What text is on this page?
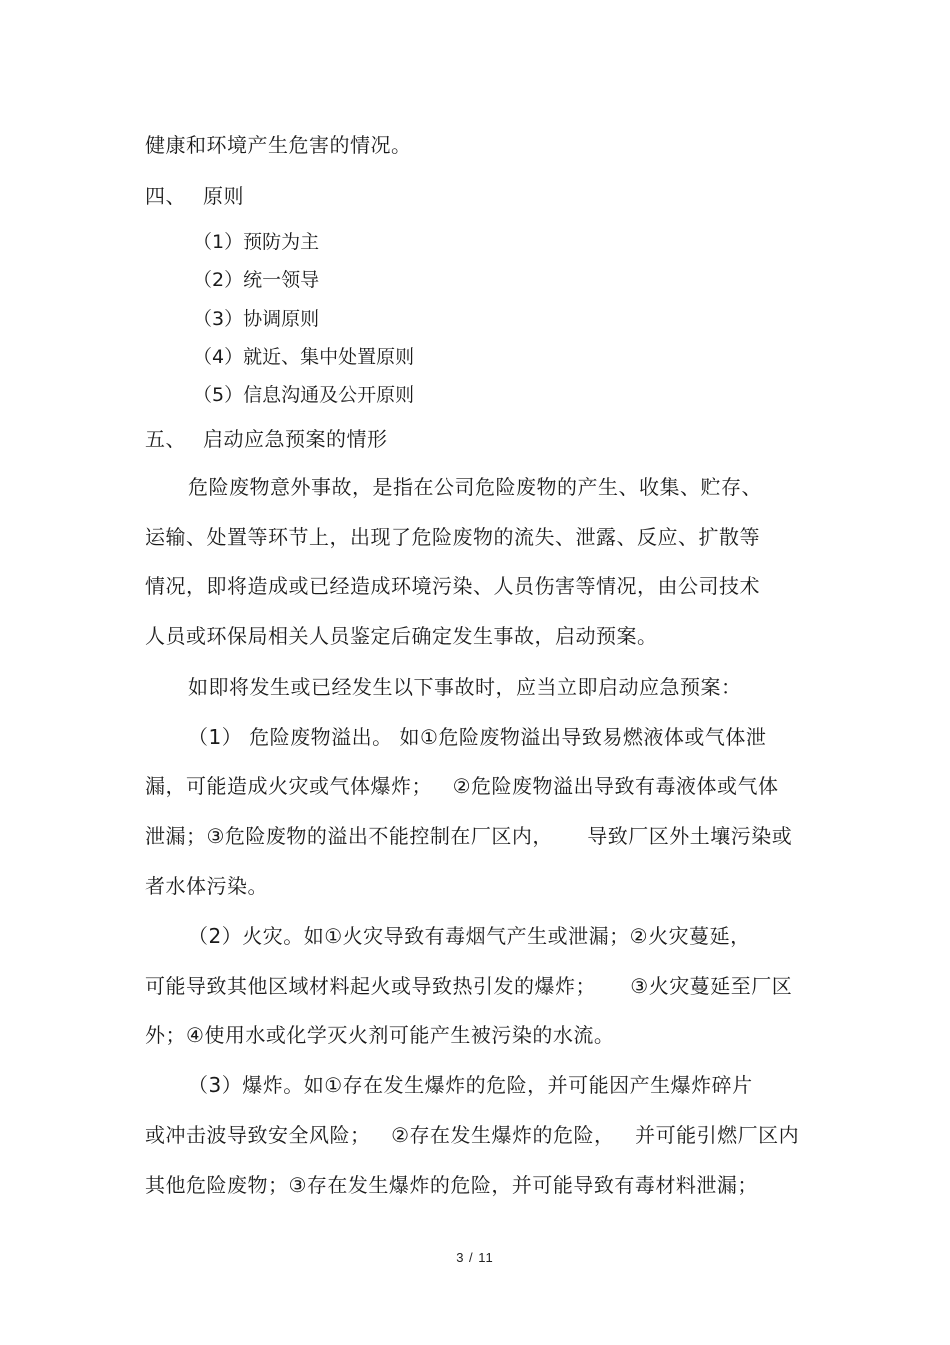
健康和环境产生危害的情况。
四、 原则
（1）预防为主
（2）统一领导
（3）协调原则
（4）就近、集中处置原则
（5）信息沟通及公开原则
五、 启动应急预案的情形
危险废物意外事故，是指在公司危险废物的产生、收集、贮存、
运输、处置等环节上，出现了危险废物的流失、泄露、反应、扩散等
情况，即将造成或已经造成环境污染、人员伤害等情况，由公司技术
人员或环保局相关人员鉴定后确定发生事故，启动预案。
如即将发生或已经发生以下事故时，应当立即启动应急预案：
（1） 危险废物溢出。 如①危险废物溢出导致易燃液体或气体泄
漏，可能造成火灾或气体爆炸；   ②危险废物溢出导致有毒液体或气体
泄漏；③危险废物的溢出不能控制在厂区内，     导致厂区外土壤污染或
者水体污染。
（2）火灾。如①火灾导致有毒烟气产生或泄漏；②火灾蔓延，
可能导致其他区域材料起火或导致热引发的爆炸；     ③火灾蔓延至厂区
外；④使用水或化学灭火剂可能产生被污染的水流。
（3）爆炸。如①存在发生爆炸的危险，并可能因产生爆炸碎片
或冲击波导致安全风险；   ②存在发生爆炸的危险，   并可能引燃厂区内
其他危险废物；③存在发生爆炸的危险，并可能导致有毒材料泄漏；
3 / 11
